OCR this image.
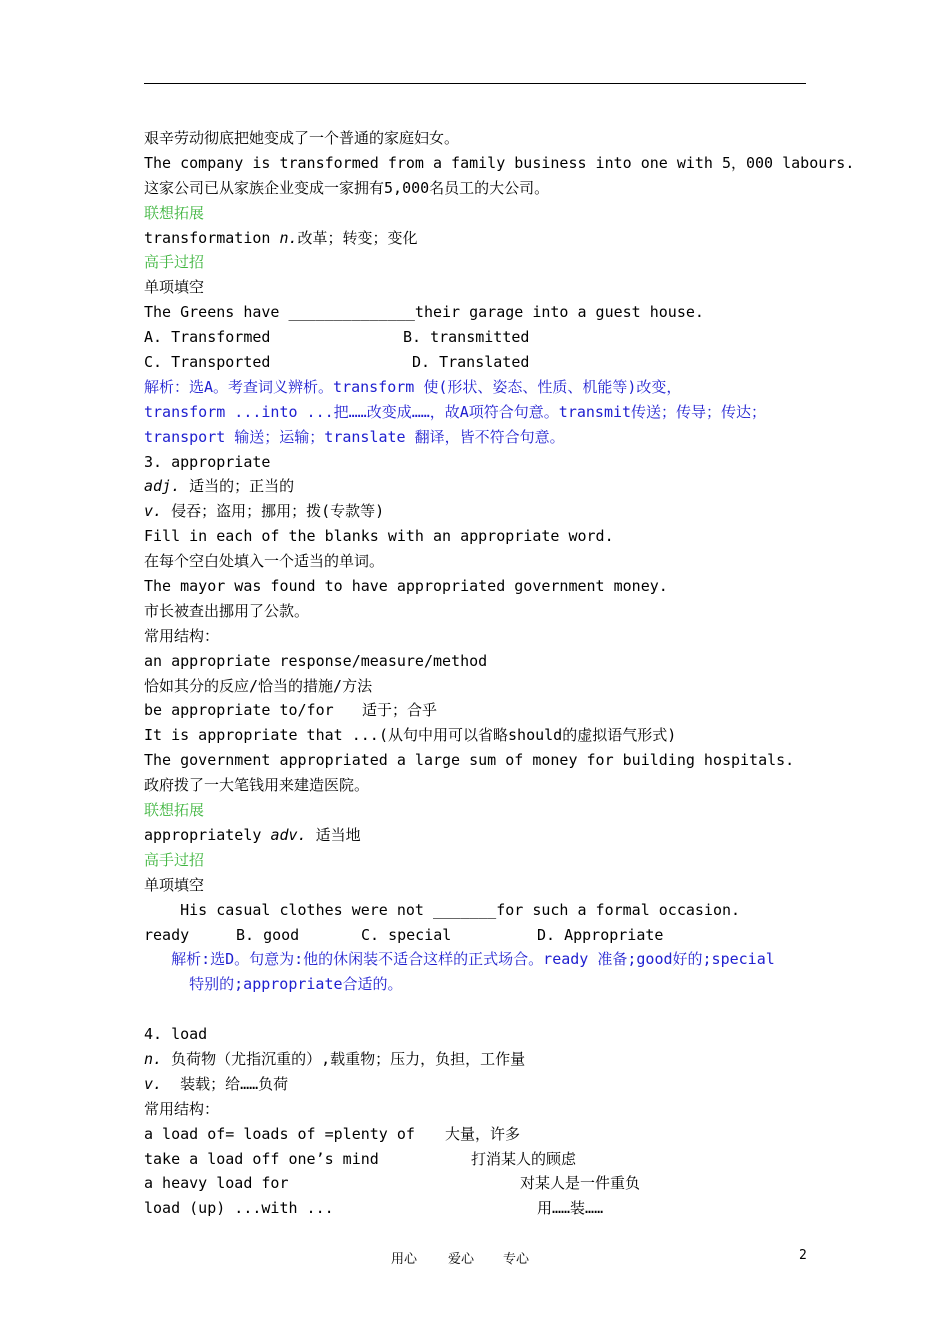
艰辛劳动彻底把她变成了一个普通的家庭妇女。
The company is transformed from a family business into one with 5，000 labours.
这家公司已从家族企业变成一家拥有5,000名员工的大公司。
联想拓展
transformation n.改革；转变；变化
高手过招
单项填空
The Greens have ______________their garage into a guest house.
A. Transformed	B. transmitted
C. Transported	D. Translated
解析：选A。考查词义辨析。transform 使(形状、姿态、性质、机能等)改变，
transform ...into ...把……改变成……，故A项符合句意。transmit传送；传导；传达；
transport 输送；运输；translate 翻译，皆不符合句意。
3. appropriate
adj. 适当的；正当的
v. 侵吞；盗用；挪用；拨(专款等)
Fill in each of the blanks with an appropriate word.
在每个空白处填入一个适当的单词。
The mayor was found to have appropriated government money.
市长被查出挪用了公款。
常用结构：
an appropriate response/measure/method
恰如其分的反应/恰当的措施/方法
be appropriate to/for 适于；合乎
It is appropriate that ...(从句中用可以省略should的虚拟语气形式)
The government appropriated a large sum of money for building hospitals.
政府拨了一大笔钱用来建造医院。
联想拓展
appropriately adv. 适当地
高手过招
单项填空
His casual clothes were not _______for such a formal occasion.
ready	B. good	C. special	D. Appropriate
解析:选D。句意为:他的休闲装不适合这样的正式场合。ready 准备;good好的;special
特别的;appropriate合适的。
4. load
n. 负荷物（尤指沉重的）,载重物；压力，负担，工作量
v.  装载；给……负荷
常用结构：
a load of= loads of =plenty of 大量，许多
take a load off one’s mind	打消某人的顾虑
a heavy load for	对某人是一件重负
load (up) ...with ...	用……装……
用心 爱心 专心	2
